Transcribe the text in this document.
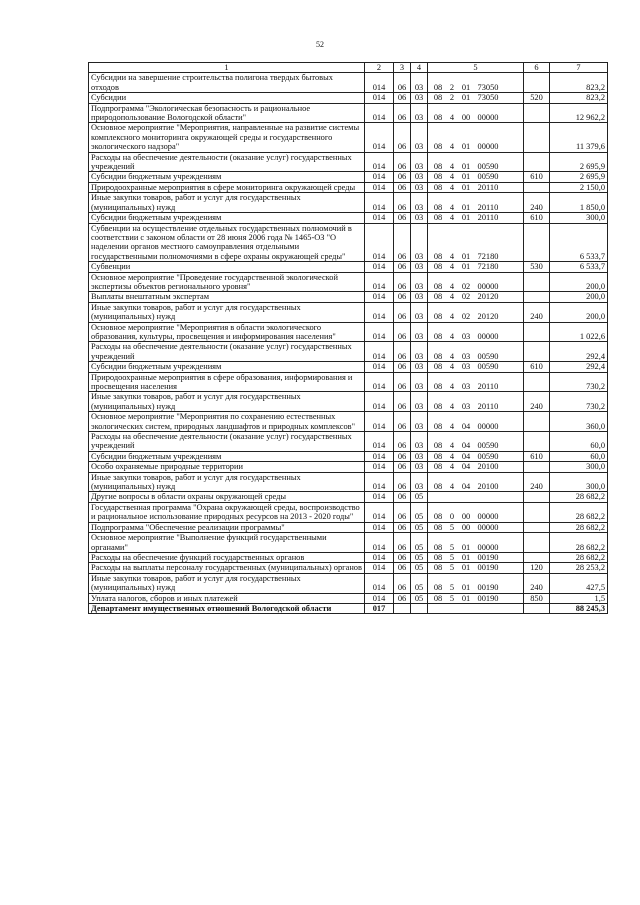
52
1	2	3	4	5	6	7
Субсидии на завершение строительства полигона твердых бытовых отходов	014	06	03	08 2 01 73050		823,2
Субсидии	014	06	03	08 2 01 73050	520	823,2
Подпрограмма "Экологическая безопасность и рациональное природопользование Вологодской области"	014	06	03	08 4 00 00000		12 962,2
Основное мероприятие "Мероприятия, направленные на развитие системы комплексного мониторинга окружающей среды и государственного экологического надзора"	014	06	03	08 4 01 00000		11 379,6
Расходы на обеспечение деятельности (оказание услуг) государственных учреждений	014	06	03	08 4 01 00590		2 695,9
Субсидии бюджетным учреждениям	014	06	03	08 4 01 00590	610	2 695,9
Природоохранные мероприятия в сфере мониторинга окружающей среды	014	06	03	08 4 01 20110		2 150,0
Иные закупки товаров, работ и услуг для государственных (муниципальных) нужд	014	06	03	08 4 01 20110	240	1 850,0
Субсидии бюджетным учреждениям	014	06	03	08 4 01 20110	610	300,0
Субвенции на осуществление отдельных государственных полномочий в соответствии с законом области от 28 июня 2006 года № 1465-ОЗ "О наделении органов местного самоуправления отдельными государственными полномочиями в сфере охраны окружающей среды"	014	06	03	08 4 01 72180		6 533,7
Субвенции	014	06	03	08 4 01 72180	530	6 533,7
Основное мероприятие "Проведение государственной экологической экспертизы объектов регионального уровня"	014	06	03	08 4 02 00000		200,0
Выплаты внештатным экспертам	014	06	03	08 4 02 20120		200,0
Иные закупки товаров, работ и услуг для государственных (муниципальных) нужд	014	06	03	08 4 02 20120	240	200,0
Основное мероприятие "Мероприятия в области экологического образования, культуры, просвещения и информирования населения"	014	06	03	08 4 03 00000		1 022,6
Расходы на обеспечение деятельности (оказание услуг) государственных учреждений	014	06	03	08 4 03 00590		292,4
Субсидии бюджетным учреждениям	014	06	03	08 4 03 00590	610	292,4
Природоохранные мероприятия в сфере образования, информирования и просвещения населения	014	06	03	08 4 03 20110		730,2
Иные закупки товаров, работ и услуг для государственных (муниципальных) нужд	014	06	03	08 4 03 20110	240	730,2
Основное мероприятие "Мероприятия по сохранению естественных экологических систем, природных ландшафтов и природных комплексов"	014	06	03	08 4 04 00000		360,0
Расходы на обеспечение деятельности (оказание услуг) государственных учреждений	014	06	03	08 4 04 00590		60,0
Субсидии бюджетным учреждениям	014	06	03	08 4 04 00590	610	60,0
Особо охраняемые природные территории	014	06	03	08 4 04 20100		300,0
Иные закупки товаров, работ и услуг для государственных (муниципальных) нужд	014	06	03	08 4 04 20100	240	300,0
Другие вопросы в области охраны окружающей среды	014	06	05			28 682,2
Государственная программа "Охрана окружающей среды, воспроизводство и рациональное использование природных ресурсов на 2013 - 2020 годы"	014	06	05	08 0 00 00000		28 682,2
Подпрограмма "Обеспечение реализации программы"	014	06	05	08 5 00 00000		28 682,2
Основное мероприятие "Выполнение функций государственными органами"	014	06	05	08 5 01 00000		28 682,2
Расходы на обеспечение функций государственных органов	014	06	05	08 5 01 00190		28 682,2
Расходы на выплаты персоналу государственных (муниципальных) органов	014	06	05	08 5 01 00190	120	28 253,2
Иные закупки товаров, работ и услуг для государственных (муниципальных) нужд	014	06	05	08 5 01 00190	240	427,5
Уплата налогов, сборов и иных платежей	014	06	05	08 5 01 00190	850	1,5
Департамент имущественных отношений Вологодской области	017					88 245,3
